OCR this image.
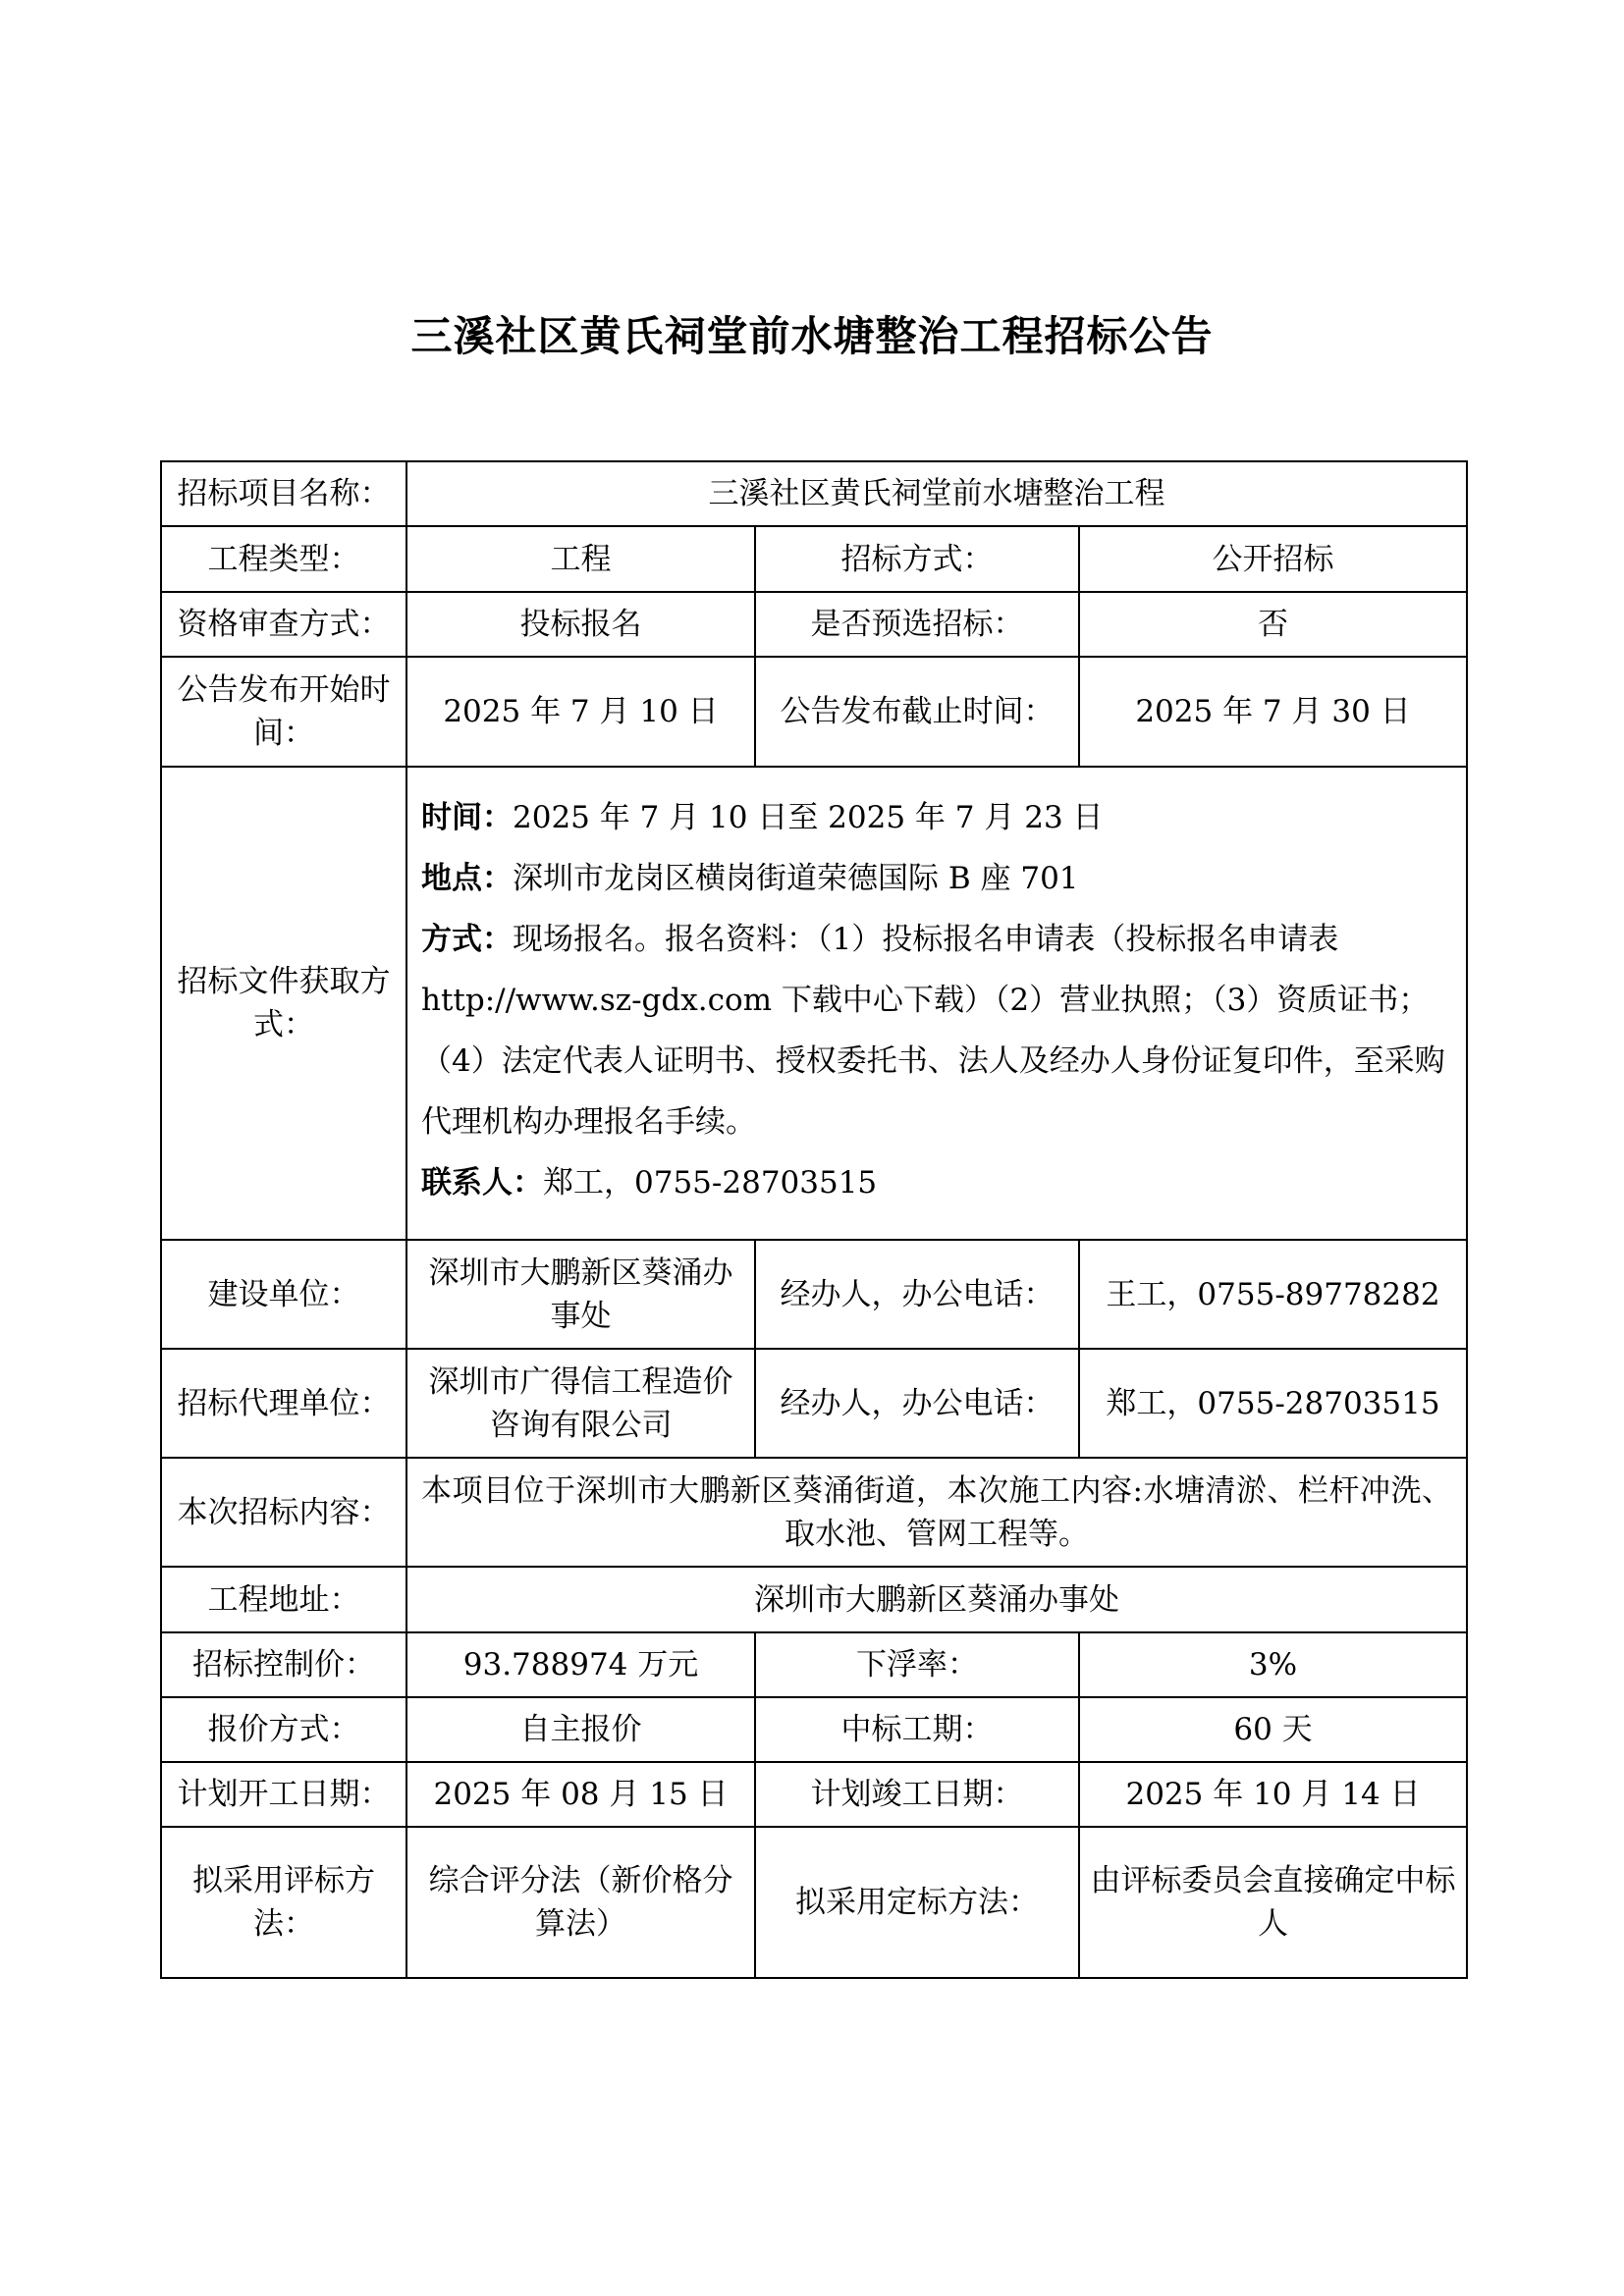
三溪社区黄氏祠堂前水塘整治工程招标公告
招标项目名称：	三溪社区黄氏祠堂前水塘整治工程		
工程类型：	工程	招标方式：	公开招标
资格审查方式：	投标报名	是否预选招标：	否
公告发布开始时间：	2025 年 7 月 10 日	公告发布截止时间：	2025 年 7 月 30 日
招标文件获取方式：	时间：2025 年 7 月 10 日至 2025 年 7 月 23 日
地点：深圳市龙岗区横岗街道荣德国际 B 座 701
方式：现场报名。报名资料：（1）投标报名申请表（投标报名申请表 http://www.sz-gdx.com 下载中心下载）（2）营业执照；（3）资质证书；（4）法定代表人证明书、授权委托书、法人及经办人身份证复印件，至采购代理机构办理报名手续。
联系人：郑工，0755-28703515		

建设单位：	深圳市大鹏新区葵涌办事处	经办人，办公电话：	王工，0755-89778282
招标代理单位：	深圳市广得信工程造价咨询有限公司	经办人，办公电话：	郑工，0755-28703515
本次招标内容：	本项目位于深圳市大鹏新区葵涌街道，本次施工内容:水塘清淤、栏杆冲洗、取水池、管网工程等。		
工程地址：	深圳市大鹏新区葵涌办事处		
招标控制价：	93.788974 万元	下浮率：	3%
报价方式：	自主报价	中标工期：	60 天
计划开工日期：	2025 年 08 月 15 日	计划竣工日期：	2025 年 10 月 14 日
拟采用评标方法：	综合评分法（新价格分算法）	拟采用定标方法：	由评标委员会直接确定中标人
